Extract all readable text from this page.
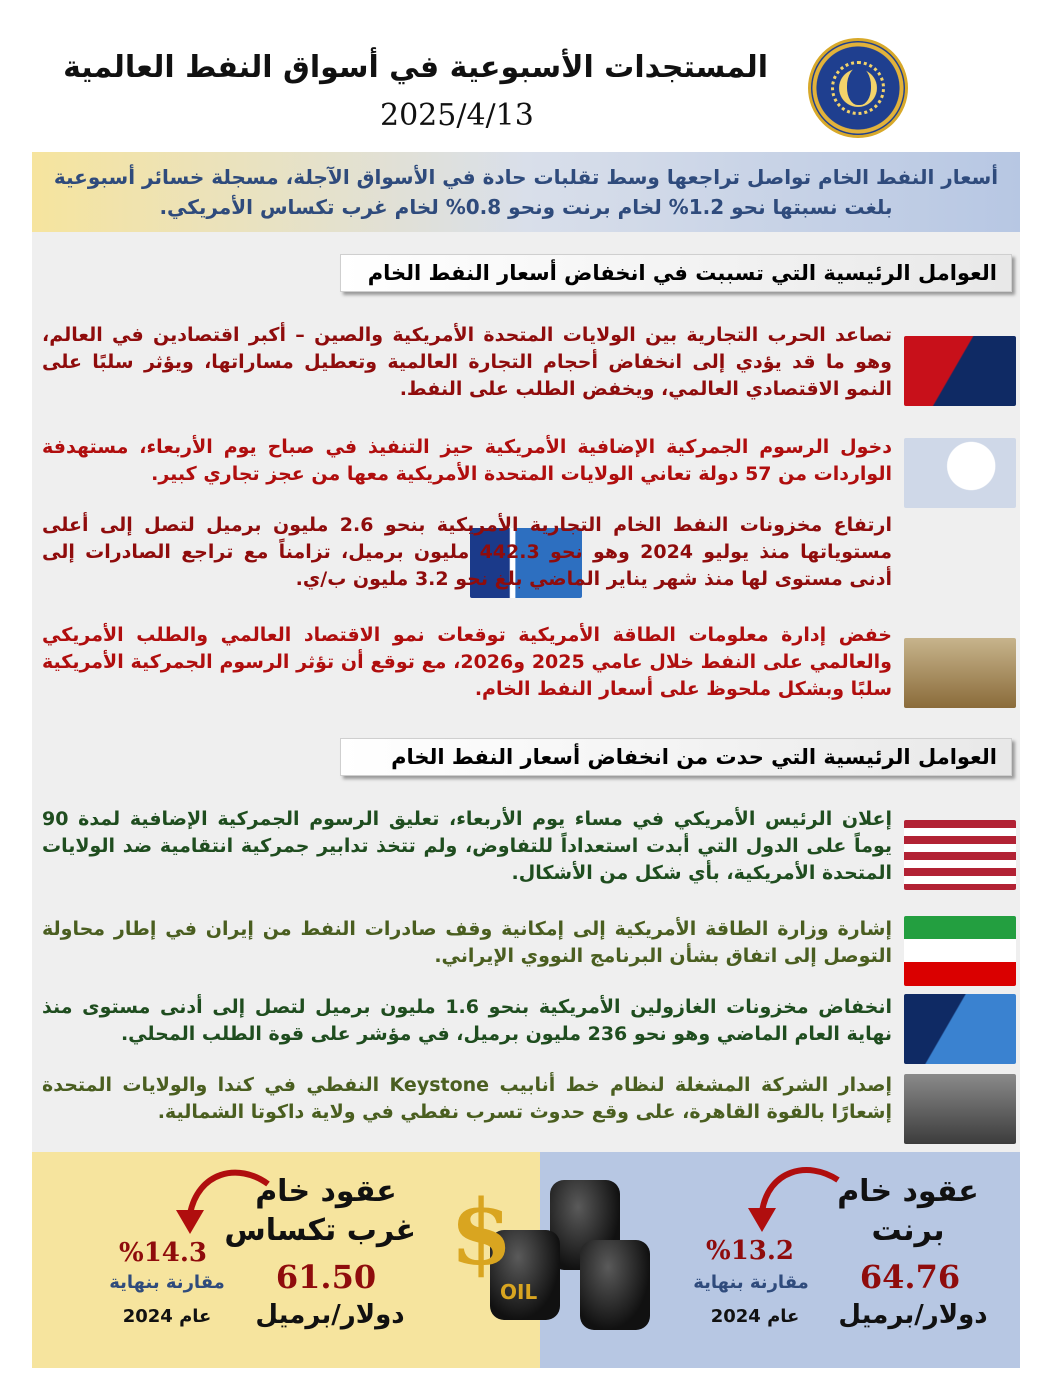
المستجدات الأسبوعية في أسواق النفط العالمية
2025/4/13

أسعار النفط الخام تواصل تراجعها وسط تقلبات حادة في الأسواق الآجلة، مسجلة خسائر أسبوعية بلغت نسبتها نحو 1.2% لخام برنت ونحو 0.8% لخام غرب تكساس الأمريكي.

العوامل الرئيسية التي تسببت في انخفاض أسعار النفط الخام
تصاعد الحرب التجارية بين الولايات المتحدة الأمريكية والصين – أكبر اقتصادين في العالم، وهو ما قد يؤدي إلى انخفاض أحجام التجارة العالمية وتعطيل مساراتها، ويؤثر سلبًا على النمو الاقتصادي العالمي، ويخفض الطلب على النفط.
دخول الرسوم الجمركية الإضافية الأمريكية حيز التنفيذ في صباح يوم الأربعاء، مستهدفة الواردات من 57 دولة تعاني الولايات المتحدة الأمريكية معها من عجز تجاري كبير.
ارتفاع مخزونات النفط الخام التجارية الأمريكية بنحو 2.6 مليون برميل لتصل إلى أعلى مستوياتها منذ يوليو 2024 وهو نحو 442.3 مليون برميل، تزامناً مع تراجع الصادرات إلى أدنى مستوى لها منذ شهر يناير الماضي بلغ نحو 3.2 مليون ب/ي.
خفض إدارة معلومات الطاقة الأمريكية توقعات نمو الاقتصاد العالمي والطلب الأمريكي والعالمي على النفط خلال عامي 2025 و2026، مع توقع أن تؤثر الرسوم الجمركية الأمريكية سلبًا وبشكل ملحوظ على أسعار النفط الخام.
العوامل الرئيسية التي حدت من انخفاض أسعار النفط الخام
إعلان الرئيس الأمريكي في مساء يوم الأربعاء، تعليق الرسوم الجمركية الإضافية لمدة 90 يوماً على الدول التي أبدت استعداداً للتفاوض، ولم تتخذ تدابير جمركية انتقامية ضد الولايات المتحدة الأمريكية، بأي شكل من الأشكال.
إشارة وزارة الطاقة الأمريكية إلى إمكانية وقف صادرات النفط من إيران في إطار محاولة التوصل إلى اتفاق بشأن البرنامج النووي الإيراني.
انخفاض مخزونات الغازولين الأمريكية بنحو 1.6 مليون برميل لتصل إلى أدنى مستوى منذ نهاية العام الماضي وهو نحو 236 مليون برميل، في مؤشر على قوة الطلب المحلي.
إصدار الشركة المشغلة لنظام خط أنابيب Keystone النفطي في كندا والولايات المتحدة إشعارًا بالقوة القاهرة، على وقع حدوث تسرب نفطي في ولاية داكوتا الشمالية.
$
OIL
عقود خام
غرب تكساس
61.50
دولار/برميل
%14.3
مقارنة بنهاية
عام 2024
عقود خام
برنت
64.76
دولار/برميل
%13.2
مقارنة بنهاية
عام 2024
